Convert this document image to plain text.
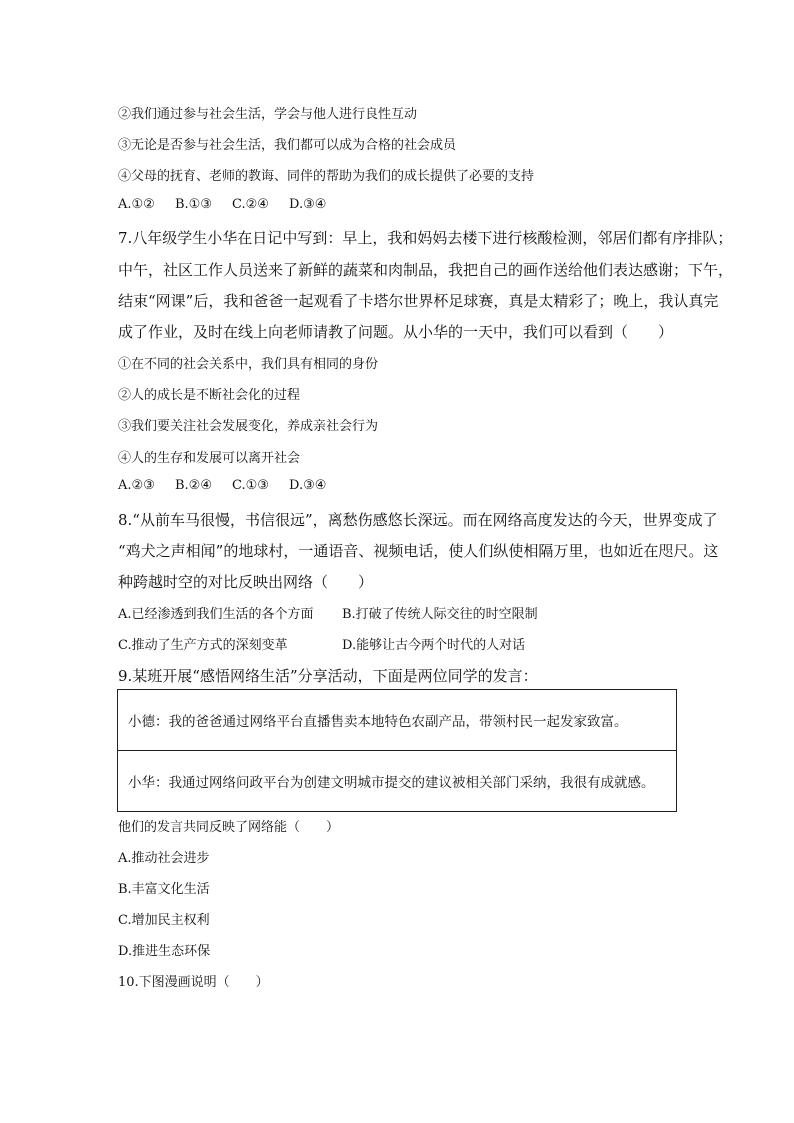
②我们通过参与社会生活，学会与他人进行良性互动
③无论是否参与社会生活，我们都可以成为合格的社会成员
④父母的抚育、老师的教诲、同伴的帮助为我们的成长提供了必要的支持
A.①② B.①③ C.②④ D.③④
7.八年级学生小华在日记中写到：早上，我和妈妈去楼下进行核酸检测，邻居们都有序排队；
中午，社区工作人员送来了新鲜的蔬菜和肉制品，我把自己的画作送给他们表达感谢；下午，
结束“网课”后，我和爸爸一起观看了卡塔尔世界杯足球赛，真是太精彩了；晚上，我认真完
成了作业，及时在线上向老师请教了问题。从小华的一天中，我们可以看到（　　）
①在不同的社会关系中，我们具有相同的身份
②人的成长是不断社会化的过程
③我们要关注社会发展变化，养成亲社会行为
④人的生存和发展可以离开社会
A.②③ B.②④ C.①③ D.③④
8.“从前车马很慢，书信很远”，离愁伤感悠长深远。而在网络高度发达的今天，世界变成了
“鸡犬之声相闻”的地球村，一通语音、视频电话，使人们纵使相隔万里，也如近在咫尺。这
种跨越时空的对比反映出网络（　　）
A.已经渗透到我们生活的各个方面 B.打破了传统人际交往的时空限制
C.推动了生产方式的深刻变革	D.能够让古今两个时代的人对话
9.某班开展“感悟网络生活”分享活动，下面是两位同学的发言：
小德：我的爸爸通过网络平台直播售卖本地特色农副产品，带领村民一起发家致富。
小华：我通过网络问政平台为创建文明城市提交的建议被相关部门采纳，我很有成就感。
他们的发言共同反映了网络能（　　）
A.推动社会进步
B.丰富文化生活
C.增加民主权利
D.推进生态环保
10.下图漫画说明（　　）
